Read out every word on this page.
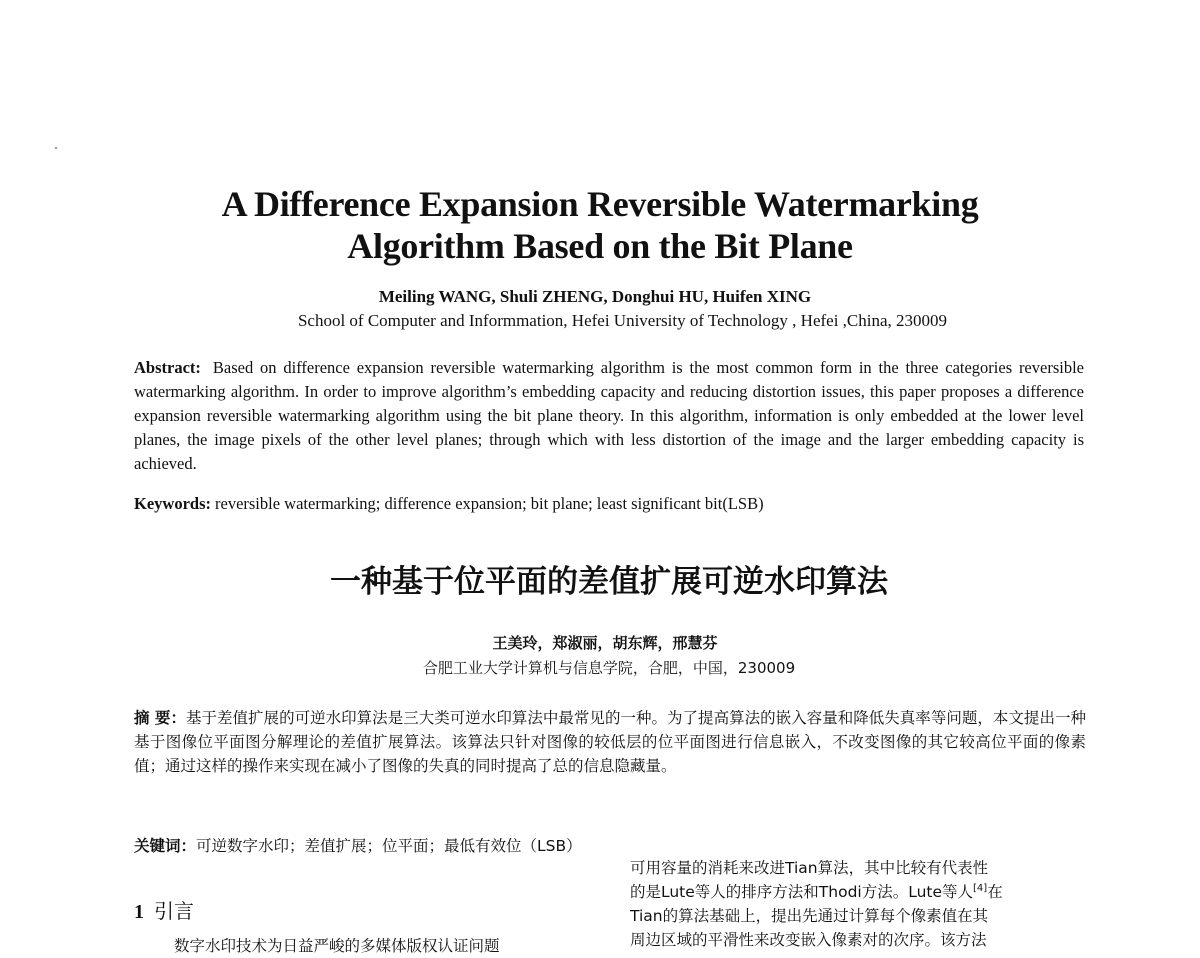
A Difference Expansion Reversible Watermarking
Algorithm Based on the Bit Plane
Meiling WANG, Shuli ZHENG, Donghui HU, Huifen XING
School of Computer and Informmation, Hefei University of Technology , Hefei ,China, 230009
Abstract: Based on difference expansion reversible watermarking algorithm is the most common form in the three categories reversible watermarking algorithm. In order to improve algorithm’s embedding capacity and reducing distortion issues, this paper proposes a difference expansion reversible watermarking algorithm using the bit plane theory. In this algorithm, information is only embedded at the lower level planes, the image pixels of the other level planes; through which with less distortion of the image and the larger embedding capacity is achieved.
Keywords: reversible watermarking; difference expansion; bit plane; least significant bit(LSB)
一种基于位平面的差值扩展可逆水印算法
王美玲，郑淑丽，胡东辉，邢慧芬
合肥工业大学计算机与信息学院，合肥，中国，230009
摘 要：基于差值扩展的可逆水印算法是三大类可逆水印算法中最常见的一种。为了提高算法的嵌入容量和降低失真率等问题，本文提出一种基于图像位平面图分解理论的差值扩展算法。该算法只针对图像的较低层的位平面图进行信息嵌入，不改变图像的其它较高位平面的像素值；通过这样的操作来实现在减小了图像的失真的同时提高了总的信息隐藏量。
关键词：可逆数字水印；差值扩展；位平面；最低有效位（LSB）
1 引言
数字水印技术为日益严峻的多媒体版权认证问题

可用容量的消耗来改进Tian算法，其中比较有代表性

的是Lute等人的排序方法和Thodi方法。Lute等人[4]在

Tian的算法基础上，提出先通过计算每个像素值在其

周边区域的平滑性来改变嵌入像素对的次序。该方法
